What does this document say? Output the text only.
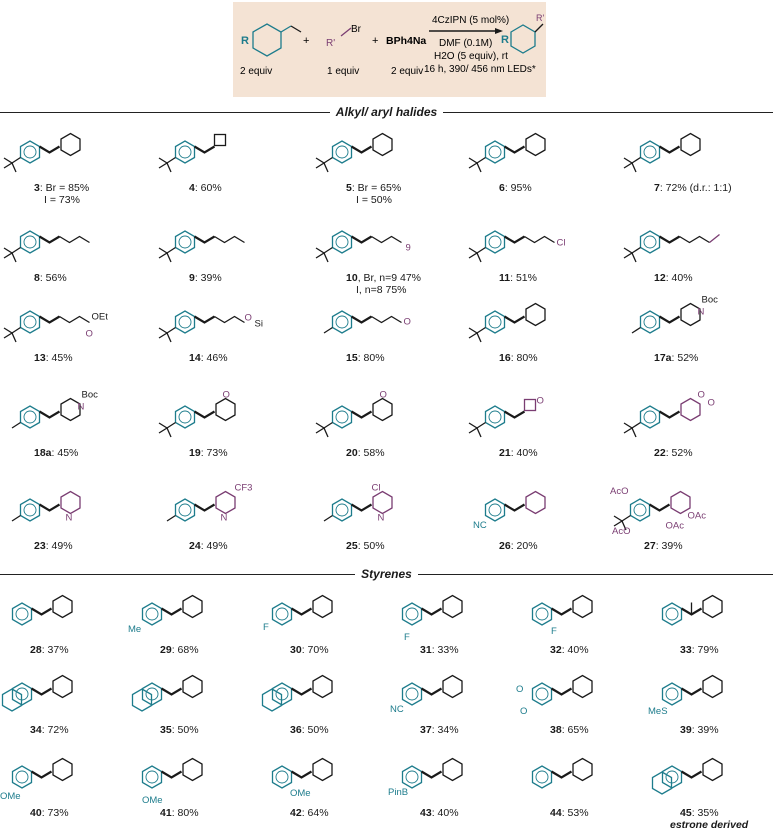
R
2 equiv
+ R'
Br
1 equiv
+ BPh4Na
2 equiv
4CzIPN (5 mol%)
DMF (0.1M)
H2O (5 equiv), rt
16 h, 390/ 456 nm LEDs*
R
R'
Alkyl/ aryl halides
Styrenes
3: Br = 85%
I = 73%
4: 60%	5: Br = 65%
I = 50%
6: 95%	7: 72% (d.r.: 1:1)
8: 56%	9: 39%
9
10, Br, n=9 47%
I, n=8 75%
Cl
11: 51%	12: 40%
OEt
O
13: 45%
O
Si
14: 46%
O
15: 80%	16: 80%
N
Boc
17a: 52%
N
Boc
18a: 45%
O
19: 73%
O
20: 58%
O
21: 40%
O
O
22: 52%
N
23: 49%
N
CF3
24: 49%
N
Cl
25: 50%
NC
26: 20%
AcO
AcO	OAc
OAc
27: 39%
28: 37%
Me
29: 68%
F
30: 70%
F
31: 33%
F
32: 40%	33: 79%
34: 72%	35: 50%	36: 50%
NC
37: 34%
O
O
38: 65%
MeS
39: 39%
OMe
40: 73%
OMe
41: 80%
OMe
42: 64%
PinB
43: 40%	44: 53%	45: 35%
estrone derived
